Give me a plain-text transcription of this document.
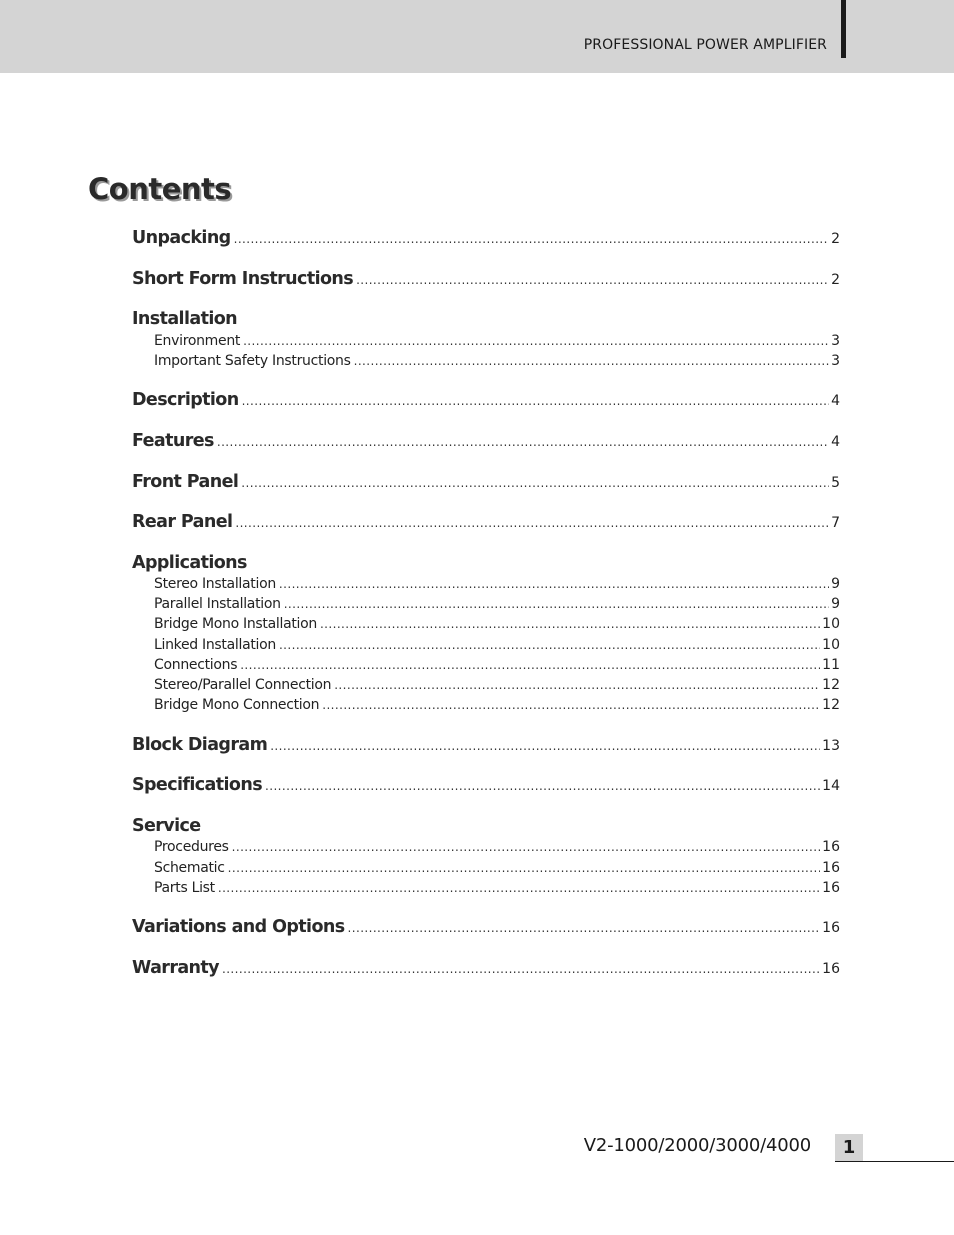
PROFESSIONAL POWER AMPLIFIER
Contents
Unpacking .....	2
Short Form Instructions .....	2
Installation
Environment .....	3
Important Safety Instructions .....	3
Description .....	4
Features .....	4
Front Panel .....	5
Rear Panel .....	7
Applications
Stereo Installation .....	9
Parallel Installation .....	9
Bridge Mono Installation .....	10
Linked Installation .....	10
Connections .....	11
Stereo/Parallel Connection .....	12
Bridge Mono Connection .....	12
Block Diagram .....	13
Specifications .....	14
Service
Procedures .....	16
Schematic .....	16
Parts List .....	16
Variations and Options .....	16
Warranty .....	16
V2-1000/2000/3000/4000	1
